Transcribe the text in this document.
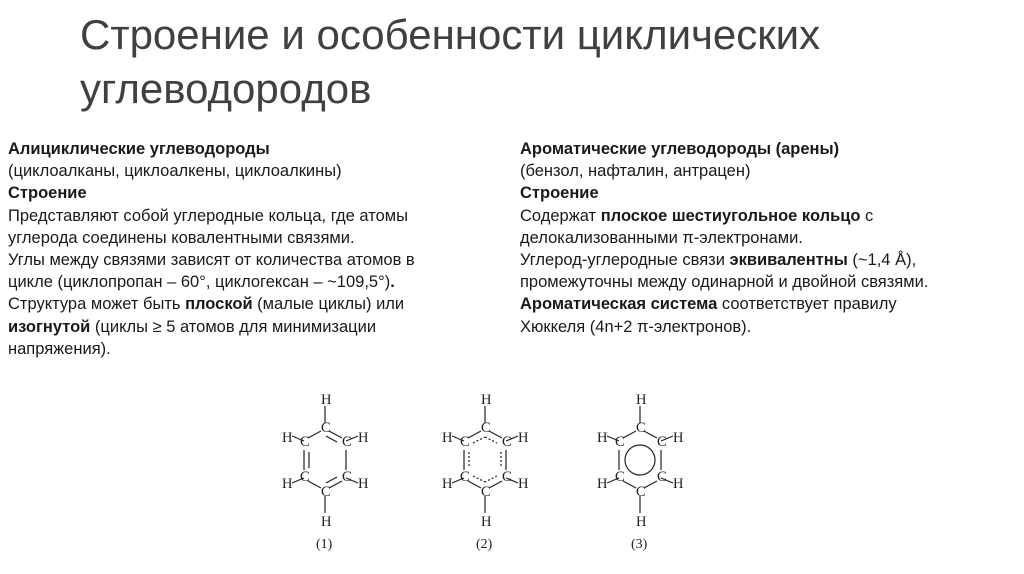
Строение и особенности циклических
углеводородов
Алициклические углеводороды
(циклоалканы, циклоалкены, циклоалкины)
Строение
Представляют собой углеродные кольца, где атомы
углерода соединены ковалентными связями.
Углы между связями зависят от количества атомов в
цикле (циклопропан – 60°, циклогексан – ~109,5°).
Структура может быть плоской (малые циклы) или
изогнутой (циклы ≥ 5 атомов для минимизации
напряжения).
Ароматические углеводороды (арены)
(бензол, нафталин, антрацен)
Строение
Содержат плоское шестиугольное кольцо с
делокализованными π-электронами.
Углерод-углеродные связи эквивалентны (~1,4 Å),
промежуточны между одинарной и двойной связями.
Ароматическая система соответствует правилу
Хюккеля (4n+2 π-электронов).
H
C
C
C
C
C
C
H	H
H	H
H
(1)
H
C
C
C
C
C
C
H	H
H	H
H
(2)
H
C
C
C
C
C
C
H	H
H	H
H
(3)
